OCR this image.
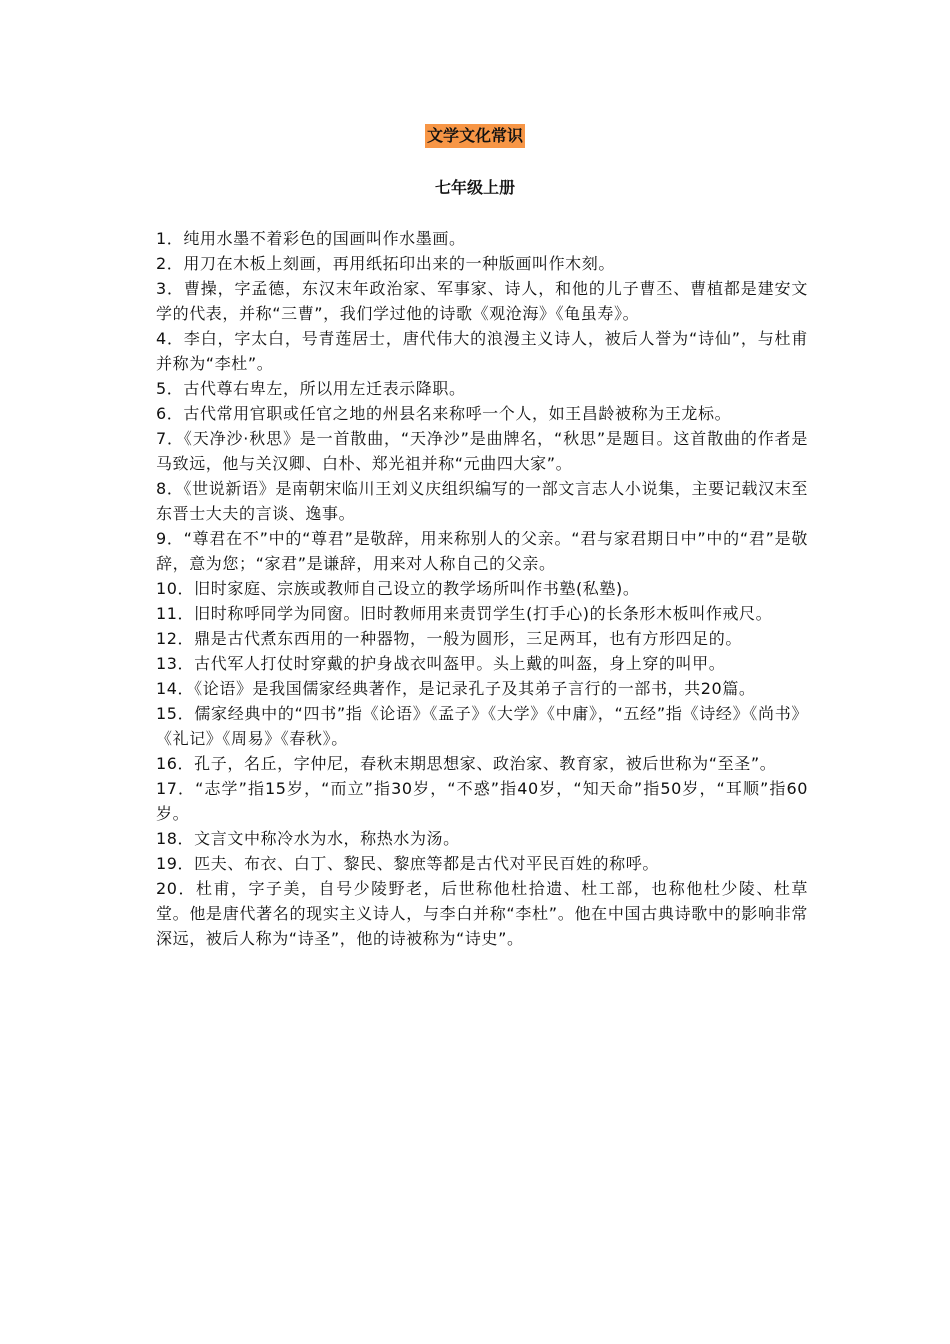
文学文化常识
七年级上册

1．纯用水墨不着彩色的国画叫作水墨画。

2．用刀在木板上刻画，再用纸拓印出来的一种版画叫作木刻。

3．曹操，字孟德，东汉末年政治家、军事家、诗人，和他的儿子曹丕、曹植都是建安文学的代表，并称“三曹”，我们学过他的诗歌《观沧海》《龟虽寿》。

4．李白，字太白，号青莲居士，唐代伟大的浪漫主义诗人，被后人誉为“诗仙”，与杜甫并称为“李杜”。

5．古代尊右卑左，所以用左迁表示降职。

6．古代常用官职或任官之地的州县名来称呼一个人，如王昌龄被称为王龙标。

7．《天净沙·秋思》是一首散曲，“天净沙”是曲牌名，“秋思”是题目。这首散曲的作者是马致远，他与关汉卿、白朴、郑光祖并称“元曲四大家”。

8．《世说新语》是南朝宋临川王刘义庆组织编写的一部文言志人小说集，主要记载汉末至东晋士大夫的言谈、逸事。

9．“尊君在不”中的“尊君”是敬辞，用来称别人的父亲。“君与家君期日中”中的“君”是敬辞，意为您；“家君”是谦辞，用来对人称自己的父亲。

10．旧时家庭、宗族或教师自己设立的教学场所叫作书塾(私塾)。

11．旧时称呼同学为同窗。旧时教师用来责罚学生(打手心)的长条形木板叫作戒尺。

12．鼎是古代煮东西用的一种器物，一般为圆形，三足两耳，也有方形四足的。

13．古代军人打仗时穿戴的护身战衣叫盔甲。头上戴的叫盔，身上穿的叫甲。

14．《论语》是我国儒家经典著作，是记录孔子及其弟子言行的一部书，共20篇。

15．儒家经典中的“四书”指《论语》《孟子》《大学》《中庸》，“五经”指《诗经》《尚书》《礼记》《周易》《春秋》。

16．孔子，名丘，字仲尼，春秋末期思想家、政治家、教育家，被后世称为“至圣”。

17．“志学”指15岁，“而立”指30岁，“不惑”指40岁，“知天命”指50岁，“耳顺”指60岁。

18．文言文中称冷水为水，称热水为汤。

19．匹夫、布衣、白丁、黎民、黎庶等都是古代对平民百姓的称呼。

20．杜甫，字子美，自号少陵野老，后世称他杜拾遗、杜工部，也称他杜少陵、杜草堂。他是唐代著名的现实主义诗人，与李白并称“李杜”。他在中国古典诗歌中的影响非常深远，被后人称为“诗圣”，他的诗被称为“诗史”。
